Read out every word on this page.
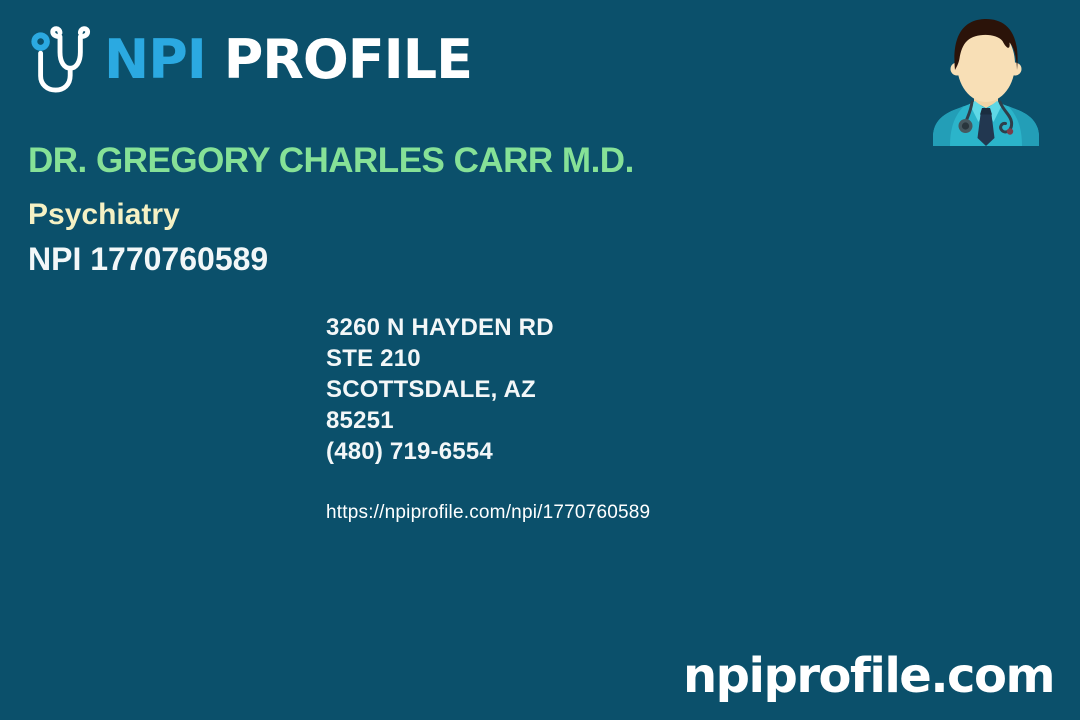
NPI PROFILE
DR. GREGORY CHARLES CARR M.D.
Psychiatry
NPI 1770760589
3260 N HAYDEN RD
STE 210
SCOTTSDALE, AZ
85251
(480) 719-6554
https://npiprofile.com/npi/1770760589
npiprofile.com
